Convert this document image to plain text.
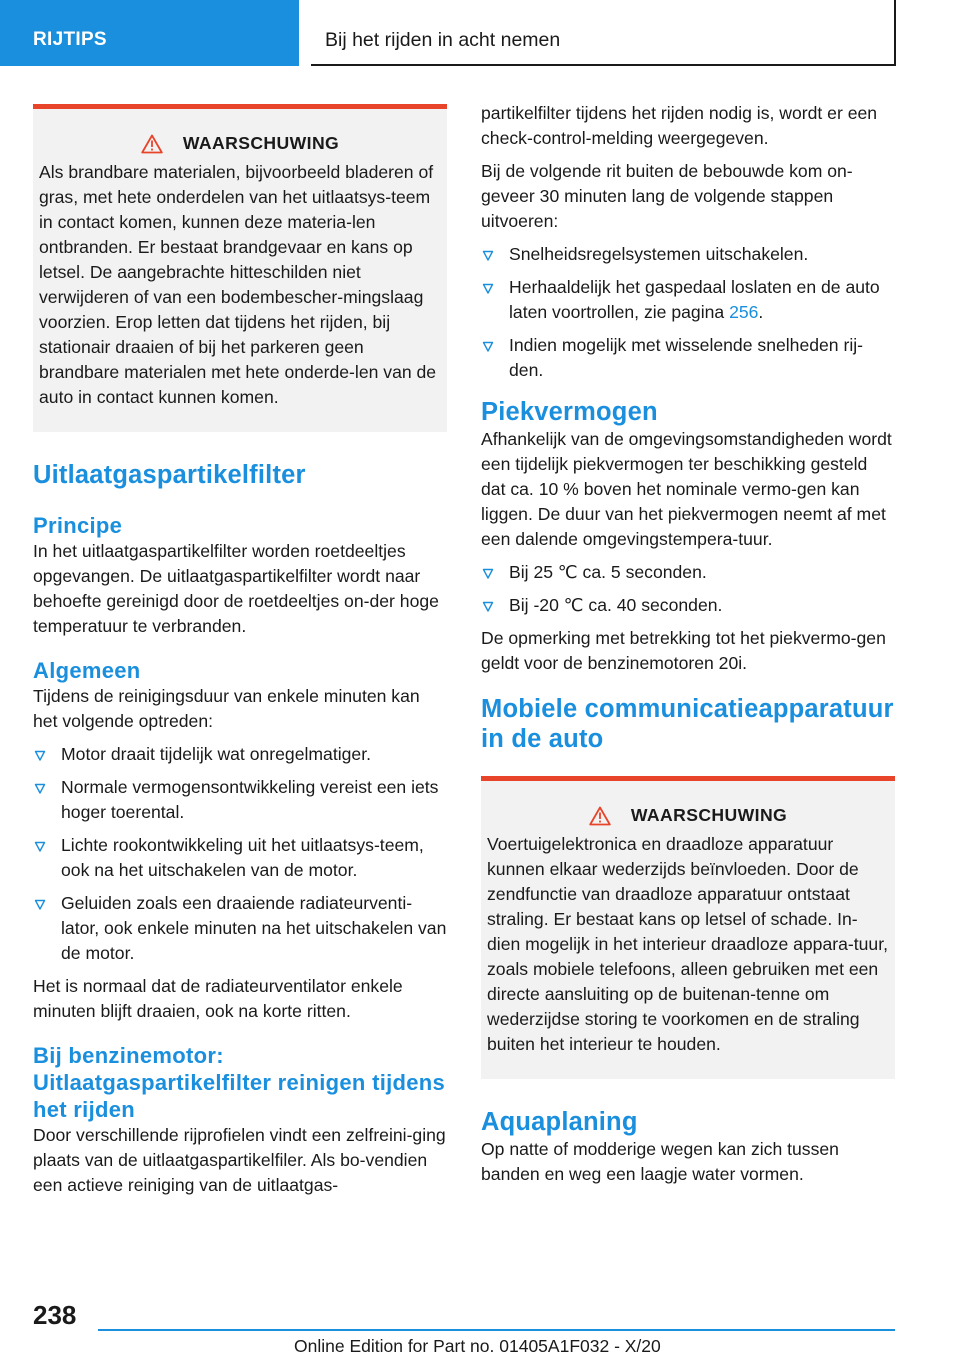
RIJTIPS	Bij het rijden in acht nemen
WAARSCHUWING

Als brandbare materialen, bijvoorbeeld bladeren of gras, met hete onderdelen van het uitlaatsys-teem in contact komen, kunnen deze materia-len ontbranden. Er bestaat brandgevaar en kans op letsel. De aangebrachte hitteschilden niet verwijderen of van een bodembescher-mingslaag voorzien. Erop letten dat tijdens het rijden, bij stationair draaien of bij het parkeren geen brandbare materialen met hete onderde-len van de auto in contact kunnen komen.

Uitlaatgaspartikelfilter
Principe

In het uitlaatgaspartikelfilter worden roetdeeltjes opgevangen. De uitlaatgaspartikelfilter wordt naar behoefte gereinigd door de roetdeeltjes on-der hoge temperatuur te verbranden.

Algemeen

Tijdens de reinigingsduur van enkele minuten kan het volgende optreden:

Motor draait tijdelijk wat onregelmatiger.
Normale vermogensontwikkeling vereist een iets hoger toerental.
Lichte rookontwikkeling uit het uitlaatsys-teem, ook na het uitschakelen van de motor.
Geluiden zoals een draaiende radiateurventi-lator, ook enkele minuten na het uitschakelen van de motor.

Het is normaal dat de radiateurventilator enkele minuten blijft draaien, ook na korte ritten.

Bij benzinemotor: Uitlaatgaspartikelfilter reinigen tijdens het rijden

Door verschillende rijprofielen vindt een zelfreini-ging plaats van de uitlaatgaspartikelfiler. Als bo-vendien een actieve reiniging van de uitlaatgas-

partikelfilter tijdens het rijden nodig is, wordt er een check-control-melding weergegeven.

Bij de volgende rit buiten de bebouwde kom on-geveer 30 minuten lang de volgende stappen uitvoeren:

Snelheidsregelsystemen uitschakelen.
Herhaaldelijk het gaspedaal loslaten en de auto laten voortrollen, zie pagina 256.
Indien mogelijk met wisselende snelheden rij-den.
Piekvermogen

Afhankelijk van de omgevingsomstandigheden wordt een tijdelijk piekvermogen ter beschikking gesteld dat ca. 10 % boven het nominale vermo-gen kan liggen. De duur van het piekvermogen neemt af met een dalende omgevingstempera-tuur.

Bij 25 ℃ ca. 5 seconden.
Bij -20 ℃ ca. 40 seconden.

De opmerking met betrekking tot het piekvermo-gen geldt voor de benzinemotoren 20i.

Mobiele communicatieapparatuur in de auto
WAARSCHUWING

Voertuigelektronica en draadloze apparatuur kunnen elkaar wederzijds beïnvloeden. Door de zendfunctie van draadloze apparatuur ontstaat straling. Er bestaat kans op letsel of schade. In-dien mogelijk in het interieur draadloze appara-tuur, zoals mobiele telefoons, alleen gebruiken met een directe aansluiting op de buitenan-tenne om wederzijdse storing te voorkomen en de straling buiten het interieur te houden.

Aquaplaning

Op natte of modderige wegen kan zich tussen banden en weg een laagje water vormen.

238
Online Edition for Part no. 01405A1F032 - X/20
